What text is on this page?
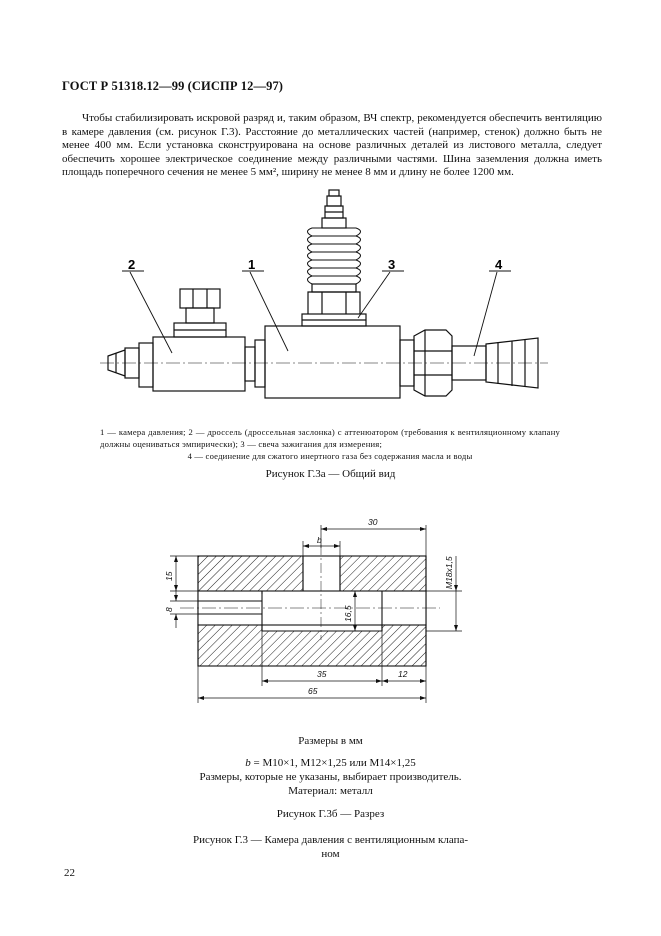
ГОСТ Р 51318.12—99 (СИСПР 12—97)

Чтобы стабилизировать искровой разряд и, таким образом, ВЧ спектр, рекомендуется обеспечить вентиляцию в камере давления (см. рисунок Г.3). Расстояние до металлических частей (например, стенок) должно быть не менее 400 мм. Если установка сконструирована на основе различных деталей из листового металла, следует обеспечить хорошее электрическое соединение между различными частями. Шина заземления должна иметь площадь поперечного сечения не менее 5 мм², ширину не менее 8 мм и длину не более 1200 мм.

2	1	3	4
1 — камера давления; 2 — дроссель (дроссельная заслонка) с аттенюатором (требования к вентиляционному клапану должны оцениваться эмпирически); 3 — свеча зажигания для измерения;
4 — соединение для сжатого инертного газа без содержания масла и воды
Рисунок Г.3а — Общий вид
30
b
15
8	16,5
M18x1,5
35	12
65
Размеры в мм
b = M10×1, M12×1,25 или M14×1,25
Размеры, которые не указаны, выбирает производитель.
Материал: металл
Рисунок Г.3б — Разрез
Рисунок Г.3 — Камера давления с вентиляционным клапа-
ном
22
